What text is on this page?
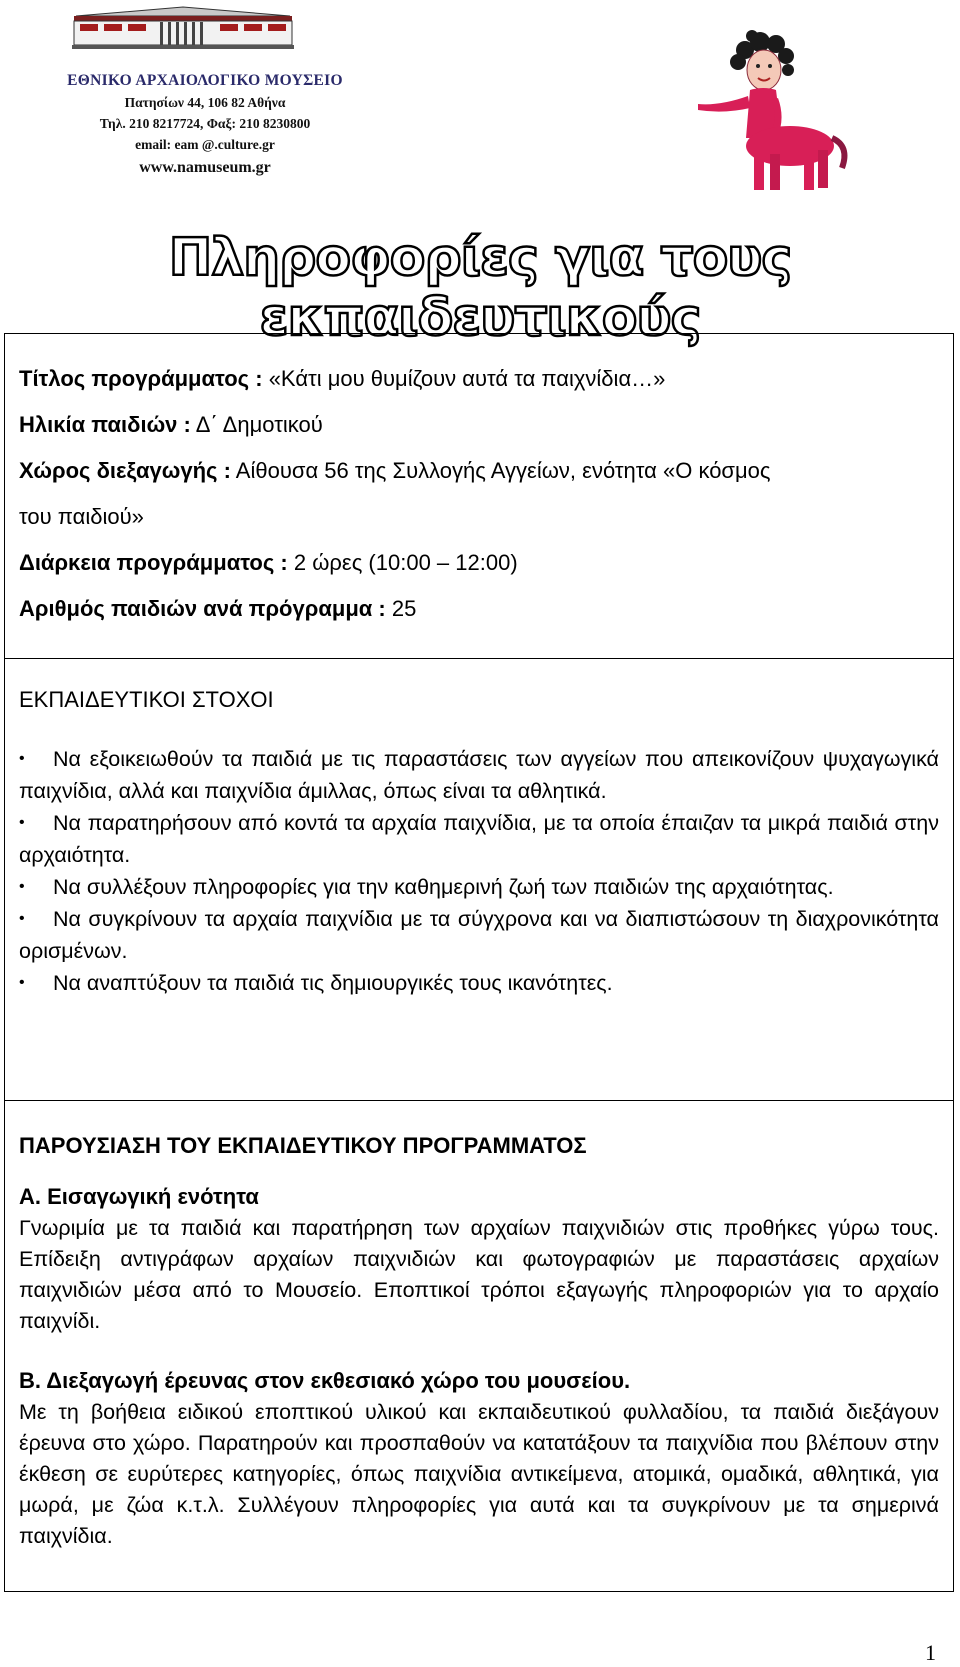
ΕΘΝΙΚΟ ΑΡΧΑΙΟΛΟΓΙΚΟ ΜΟΥΣΕΙΟ

Πατησίων 44, 106 82 Αθήνα

Τηλ. 210 8217724, Φαξ: 210 8230800

email: eam @.culture.gr

www.namuseum.gr

Πληροφορίες για τους εκπαιδευτικούς

Τίτλος προγράμματος : «Κάτι μου θυμίζουν αυτά τα παιχνίδια…»

Ηλικία παιδιών : Δ΄ Δημοτικού

Χώρος διεξαγωγής : Αίθουσα 56 της Συλλογής Αγγείων, ενότητα «Ο κόσμος

του παιδιού»

Διάρκεια προγράμματος : 2 ώρες (10:00 – 12:00)

Αριθμός παιδιών ανά πρόγραμμα : 25

ΕΚΠΑΙΔΕΥΤΙΚΟΙ ΣΤΟΧΟΙ
• Να εξοικειωθούν τα παιδιά με τις παραστάσεις των αγγείων που απεικονίζουν ψυχαγωγικά παιχνίδια, αλλά και παιχνίδια άμιλλας, όπως είναι τα αθλητικά.
• Να παρατηρήσουν από κοντά τα αρχαία παιχνίδια, με τα οποία έπαιζαν τα μικρά παιδιά στην αρχαιότητα.
• Να συλλέξουν πληροφορίες για την καθημερινή ζωή των παιδιών της αρχαιότητας.
• Να συγκρίνουν τα αρχαία παιχνίδια με τα σύγχρονα και να διαπιστώσουν τη διαχρονικότητα ορισμένων.
• Να αναπτύξουν τα παιδιά τις δημιουργικές τους ικανότητες.
ΠΑΡΟΥΣΙΑΣΗ ΤΟΥ ΕΚΠΑΙΔΕΥΤΙΚΟΥ ΠΡΟΓΡΑΜΜΑΤΟΣ
Α. Εισαγωγική ενότητα

Γνωριμία με τα παιδιά και παρατήρηση των αρχαίων παιχνιδιών στις προθήκες γύρω τους. Επίδειξη αντιγράφων αρχαίων παιχνιδιών και φωτογραφιών με παραστάσεις αρχαίων παιχνιδιών μέσα από το Μουσείο. Εποπτικοί τρόποι εξαγωγής πληροφοριών για το αρχαίο παιχνίδι.

Β. Διεξαγωγή έρευνας στον εκθεσιακό χώρο του μουσείου.

Με τη βοήθεια ειδικού εποπτικού υλικού και εκπαιδευτικού φυλλαδίου, τα παιδιά διεξάγουν έρευνα στο χώρο. Παρατηρούν και προσπαθούν να κατατάξουν τα παιχνίδια που βλέπουν στην έκθεση σε ευρύτερες κατηγορίες, όπως παιχνίδια αντικείμενα, ατομικά, ομαδικά, αθλητικά, για μωρά, με ζώα κ.τ.λ. Συλλέγουν πληροφορίες για αυτά και τα συγκρίνουν με τα σημερινά παιχνίδια.

1
